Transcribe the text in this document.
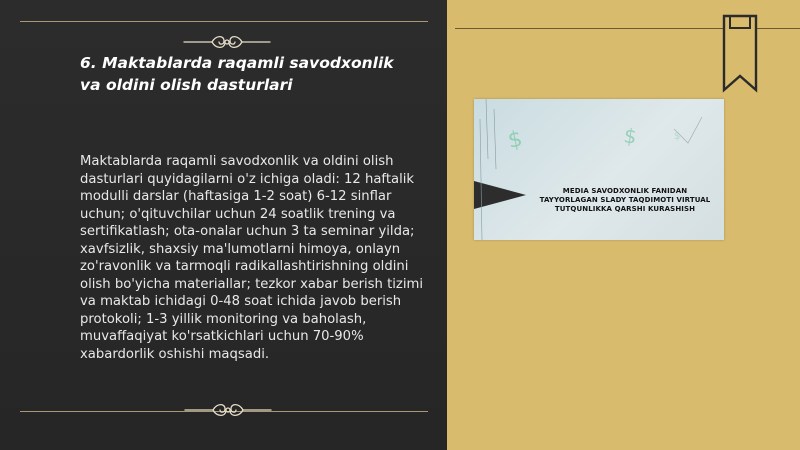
6. Maktablarda raqamli savodxonlik
va oldini olish dasturlari
Maktablarda raqamli savodxonlik va oldini olish dasturlari quyidagilarni o'z ichiga oladi: 12 haftalik modulli darslar (haftasiga 1-2 soat) 6-12 sinflar uchun; o'qituvchilar uchun 24 soatlik trening va sertifikatlash; ota-onalar uchun 3 ta seminar yilda; xavfsizlik, shaxsiy ma'lumotlarni himoya, onlayn zo'ravonlik va tarmoqli radikallashtirishning oldini olish bo'yicha materiallar; tezkor xabar berish tizimi va maktab ichidagi 0-48 soat ichida javob berish protokoli; 1-3 yillik monitoring va baholash, muvaffaqiyat ko'rsatkichlari uchun 70-90% xabardorlik oshishi maqsadi.
$	$	$
MEDIA SAVODXONLIK FANIDAN
TAYYORLAGAN SLADY TAQDIMOTI VIRTUAL
TUTQUNLIKKA QARSHI KURASHISH
